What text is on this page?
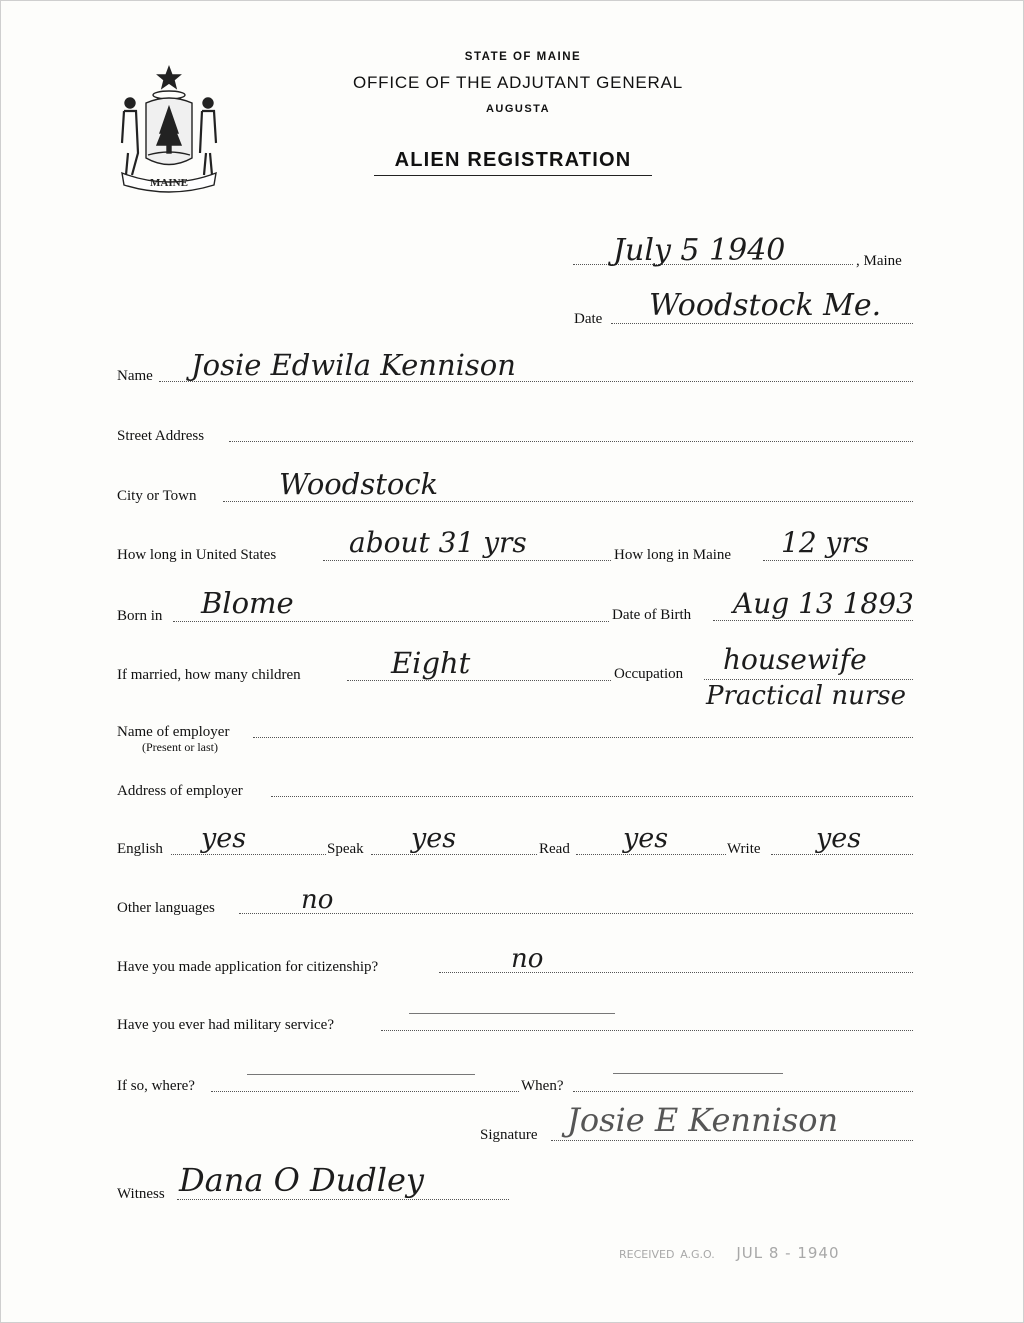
MAINE
STATE OF MAINE
OFFICE OF THE ADJUTANT GENERAL
AUGUSTA
ALIEN REGISTRATION
July 5 1940	, Maine
Date Woodstock Me.
Name Josie Edwila Kennison
Street Address
City or Town	Woodstock
How long in United States	about 31 yrs	How long in Maine 12 yrs
Born in Blome	Date of Birth Aug 13 1893
If married, how many children	Eight	Occupation housewife
Practical nurse
Name of employer
(Present or last)
Address of employer
English yes	Speak yes	Read yes	Write yes
Other languages	no
Have you made application for citizenship?	no
Have you ever had military service?
If so, where?	When?
Signature Josie E Kennison
Witness Dana O Dudley
RECEIVED A.G.O. JUL 8 - 1940
